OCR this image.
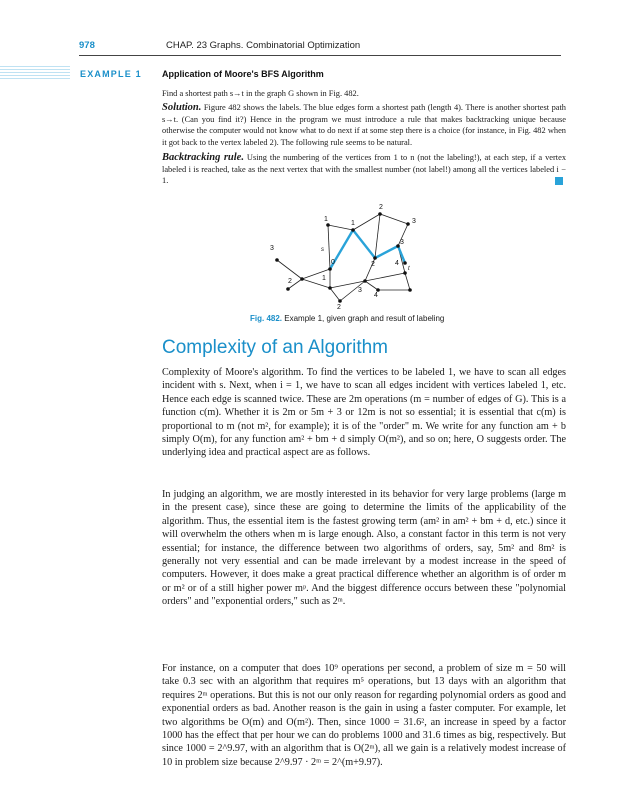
978	CHAP. 23 Graphs. Combinatorial Optimization
EXAMPLE 1 Application of Moore's BFS Algorithm
Find a shortest path s→t in the graph G shown in Fig. 482.
Solution. Figure 482 shows the labels. The blue edges form a shortest path (length 4). There is another shortest path s→t. (Can you find it?) Hence in the program we must introduce a rule that makes backtracking unique because otherwise the computer would not know what to do next if at some step there is a choice (for instance, in Fig. 482 when it got back to the vertex labeled 2). The following rule seems to be natural.
Backtracking rule. Using the numbering of the vertices from 1 to n (not the labeling!), at each step, if a vertex labeled i is reached, take as the next vertex that with the smallest number (not label!) among all the vertices labeled i − 1.
1
1
2
3
3
3
0
s
2	4
t
2	1
3
2
4
Fig. 482. Example 1, given graph and result of labeling
Complexity of an Algorithm
Complexity of Moore's algorithm. To find the vertices to be labeled 1, we have to scan all edges incident with s. Next, when i = 1, we have to scan all edges incident with vertices labeled 1, etc. Hence each edge is scanned twice. These are 2m operations (m = number of edges of G). This is a function c(m). Whether it is 2m or 5m + 3 or 12m is not so essential; it is essential that c(m) is proportional to m (not m², for example); it is of the "order" m. We write for any function am + b simply O(m), for any function am² + bm + d simply O(m²), and so on; here, O suggests order. The underlying idea and practical aspect are as follows.
In judging an algorithm, we are mostly interested in its behavior for very large problems (large m in the present case), since these are going to determine the limits of the applicability of the algorithm. Thus, the essential item is the fastest growing term (am² in am² + bm + d, etc.) since it will overwhelm the others when m is large enough. Also, a constant factor in this term is not very essential; for instance, the difference between two algorithms of orders, say, 5m² and 8m² is generally not very essential and can be made irrelevant by a modest increase in the speed of computers. However, it does make a great practical difference whether an algorithm is of order m or m² or of a still higher power mᵖ. And the biggest difference occurs between these "polynomial orders" and "exponential orders," such as 2ᵐ.
For instance, on a computer that does 10⁹ operations per second, a problem of size m = 50 will take 0.3 sec with an algorithm that requires m⁵ operations, but 13 days with an algorithm that requires 2ᵐ operations. But this is not our only reason for regarding polynomial orders as good and exponential orders as bad. Another reason is the gain in using a faster computer. For example, let two algorithms be O(m) and O(m²). Then, since 1000 = 31.6², an increase in speed by a factor 1000 has the effect that per hour we can do problems 1000 and 31.6 times as big, respectively. But since 1000 = 2^9.97, with an algorithm that is O(2ᵐ), all we gain is a relatively modest increase of 10 in problem size because 2^9.97 · 2ᵐ = 2^(m+9.97).
